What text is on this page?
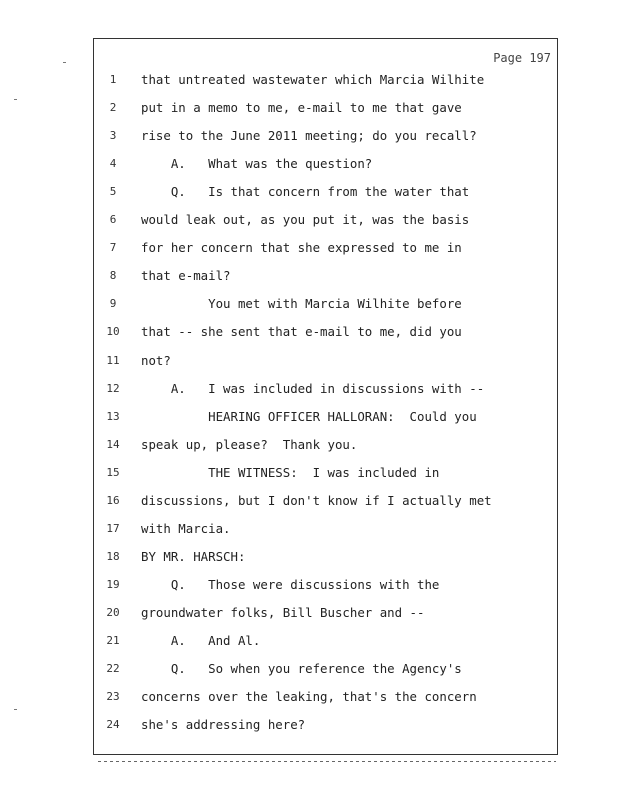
Page 197
1	that untreated wastewater which Marcia Wilhite
2	put in a memo to me, e-mail to me that gave
3	rise to the June 2011 meeting; do you recall?
4	A.   What was the question?
5	Q.   Is that concern from the water that
6	would leak out, as you put it, was the basis
7	for her concern that she expressed to me in
8	that e-mail?
9	You met with Marcia Wilhite before
10	that -- she sent that e-mail to me, did you
11	not?
12	A.   I was included in discussions with --
13	HEARING OFFICER HALLORAN:  Could you
14	speak up, please?  Thank you.
15	THE WITNESS:  I was included in
16	discussions, but I don't know if I actually met
17	with Marcia.
18	BY MR. HARSCH:
19	Q.   Those were discussions with the
20	groundwater folks, Bill Buscher and --
21	A.   And Al.
22	Q.   So when you reference the Agency's
23	concerns over the leaking, that's the concern
24	she's addressing here?
